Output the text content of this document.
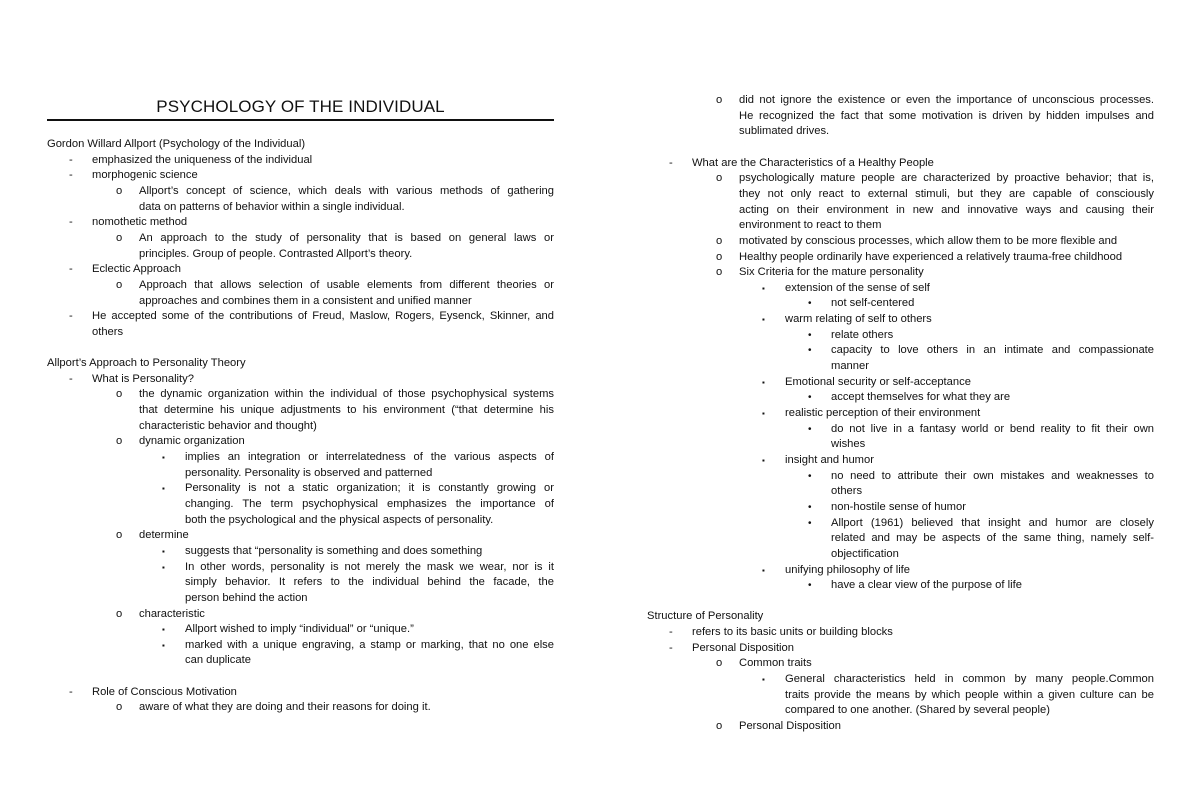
PSYCHOLOGY OF THE INDIVIDUAL
Gordon Willard Allport (Psychology of the Individual)
- emphasized the uniqueness of the individual
- morphogenic science
o Allport’s concept of science, which deals with various methods of gathering
data on patterns of behavior within a single individual.
- nomothetic method
o An approach to the study of personality that is based on general laws or
principles. Group of people. Contrasted Allport’s theory.
- Eclectic Approach
o Approach that allows selection of usable elements from different theories or
approaches and combines them in a consistent and unified manner
- He accepted some of the contributions of Freud, Maslow, Rogers, Eysenck, Skinner, and
others
Allport’s Approach to Personality Theory
- What is Personality?
o the dynamic organization within the individual of those psychophysical systems
that determine his unique adjustments to his environment (“that determine his
characteristic behavior and thought)
o dynamic organization
▪ implies an integration or interrelatedness of the various aspects of
personality. Personality is observed and patterned
▪ Personality is not a static organization; it is constantly growing or
changing. The term psychophysical emphasizes the importance of
both the psychological and the physical aspects of personality.
o determine
▪ suggests that “personality is something and does something
▪ In other words, personality is not merely the mask we wear, nor is it
simply behavior. It refers to the individual behind the facade, the
person behind the action
o characteristic
▪ Allport wished to imply “individual” or “unique.”
▪ marked with a unique engraving, a stamp or marking, that no one else
can duplicate
- Role of Conscious Motivation
o aware of what they are doing and their reasons for doing it.
o did not ignore the existence or even the importance of unconscious processes.
He recognized the fact that some motivation is driven by hidden impulses and
sublimated drives.
- What are the Characteristics of a Healthy People
o psychologically mature people are characterized by proactive behavior; that is,
they not only react to external stimuli, but they are capable of consciously
acting on their environment in new and innovative ways and causing their
environment to react to them
o motivated by conscious processes, which allow them to be more flexible and
o Healthy people ordinarily have experienced a relatively trauma-free childhood
o Six Criteria for the mature personality
▪ extension of the sense of self
• not self-centered
▪ warm relating of self to others
• relate others
• capacity to love others in an intimate and compassionate
manner
▪ Emotional security or self-acceptance
• accept themselves for what they are
▪ realistic perception of their environment
• do not live in a fantasy world or bend reality to fit their own
wishes
▪ insight and humor
• no need to attribute their own mistakes and weaknesses to
others
• non-hostile sense of humor
• Allport (1961) believed that insight and humor are closely
related and may be aspects of the same thing, namely self-
objectification
▪ unifying philosophy of life
• have a clear view of the purpose of life
Structure of Personality
- refers to its basic units or building blocks
- Personal Disposition
o Common traits
▪ General characteristics held in common by many people.Common
traits provide the means by which people within a given culture can be
compared to one another. (Shared by several people)
o Personal Disposition
